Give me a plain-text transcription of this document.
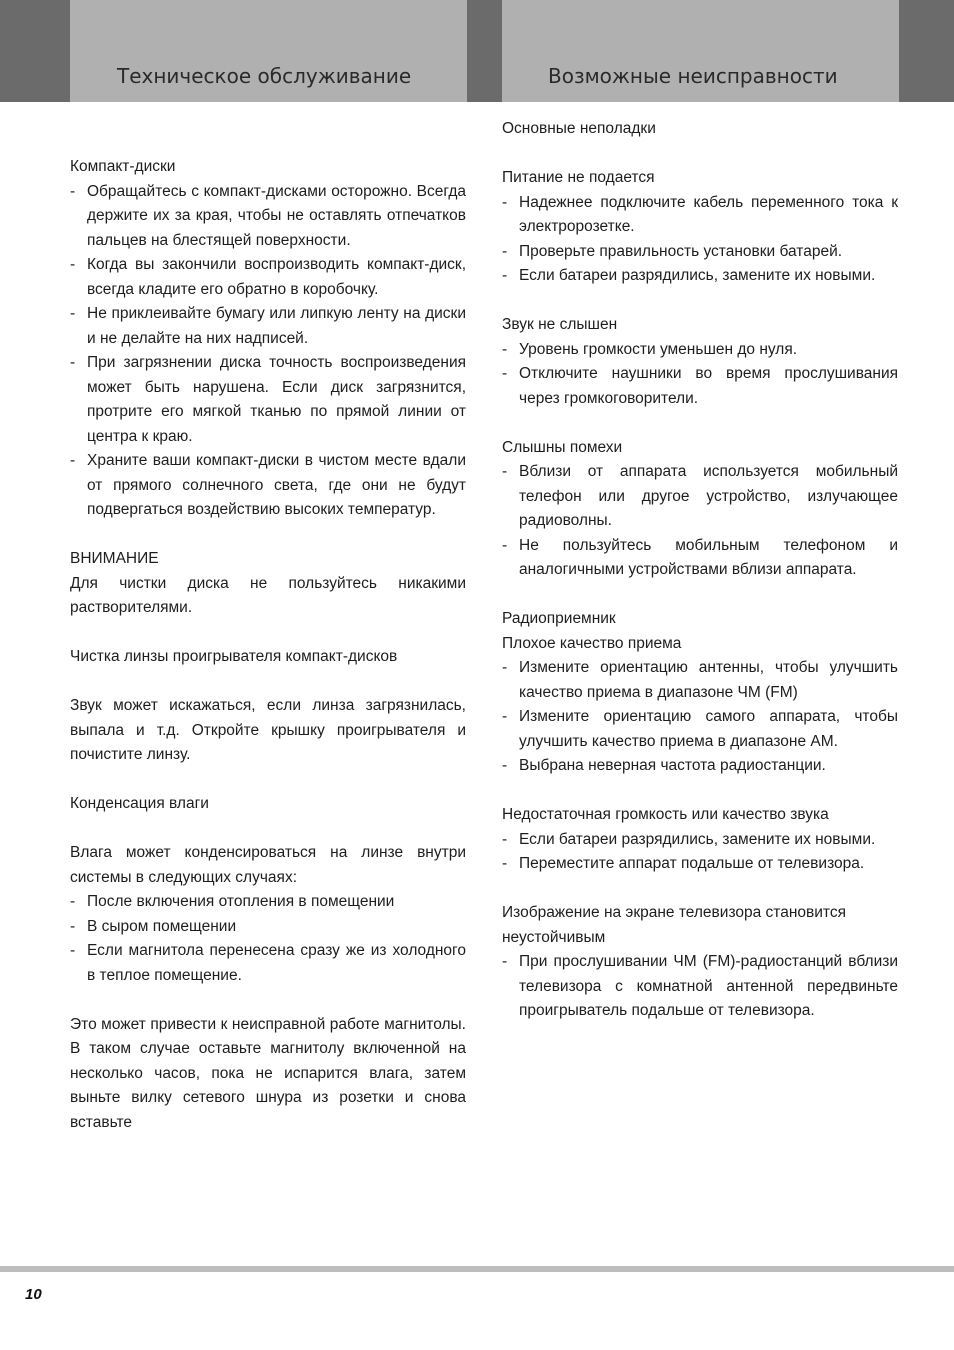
Техническое обслуживание	Возможные неисправности

Компакт-диски

- Обращайтесь с компакт-дисками осторожно. Всегда держите их за края, чтобы не оставлять отпечатков пальцев на блестящей поверхности.
- Когда вы закончили воспроизводить компакт-диск, всегда кладите его обратно в коробочку.
- Не приклеивайте бумагу или липкую ленту на диски и не делайте на них надписей.
- При загрязнении диска точность воспроизведения может быть нарушена. Если диск загрязнится, протрите его мягкой тканью по прямой линии от центра к краю.
- Храните ваши компакт-диски в чистом месте вдали от прямого солнечного света, где они не будут подвергаться воздействию высоких температур.

ВНИМАНИЕ

Для чистки диска не пользуйтесь никакими растворителями.

Чистка линзы проигрывателя компакт-дисков

Звук может искажаться, если линза загрязнилась, выпала и т.д. Откройте крышку проигрывателя и почистите линзу.

Конденсация влаги

Влага может конденсироваться на линзе внутри системы в следующих случаях:

- После включения отопления в помещении
- В сыром помещении
- Если магнитола перенесена сразу же из холодного в теплое помещение.

Это может привести к неисправной работе магнитолы. В таком случае оставьте магнитолу включенной на несколько часов, пока не испарится влага, затем выньте вилку сетевого шнура из розетки и снова вставьте

Основные неполадки

Питание не подается

- Надежнее подключите кабель переменного тока к электророзетке.
- Проверьте правильность установки батарей.
- Если батареи разрядились, замените их новыми.

Звук не слышен

- Уровень громкости уменьшен до нуля.
- Отключите наушники во время прослушивания через громкоговорители.

Слышны помехи

- Вблизи от аппарата используется мобильный телефон или другое устройство, излучающее радиоволны.
- Не пользуйтесь мобильным телефоном и аналогичными устройствами вблизи аппарата.

Радиоприемник

Плохое качество приема

- Измените ориентацию антенны, чтобы улучшить качество приема в диапазоне ЧМ (FM)
- Измените ориентацию самого аппарата, чтобы улучшить качество приема в диапазоне AM.
- Выбрана неверная частота радиостанции.

Недостаточная громкость или качество звука

- Если батареи разрядились, замените их новыми.
- Переместите аппарат подальше от телевизора.

Изображение на экране телевизора становится неустойчивым

- При прослушивании ЧМ (FM)-радиостанций вблизи телевизора с комнатной антенной передвиньте проигрыватель подальше от телевизора.
10
